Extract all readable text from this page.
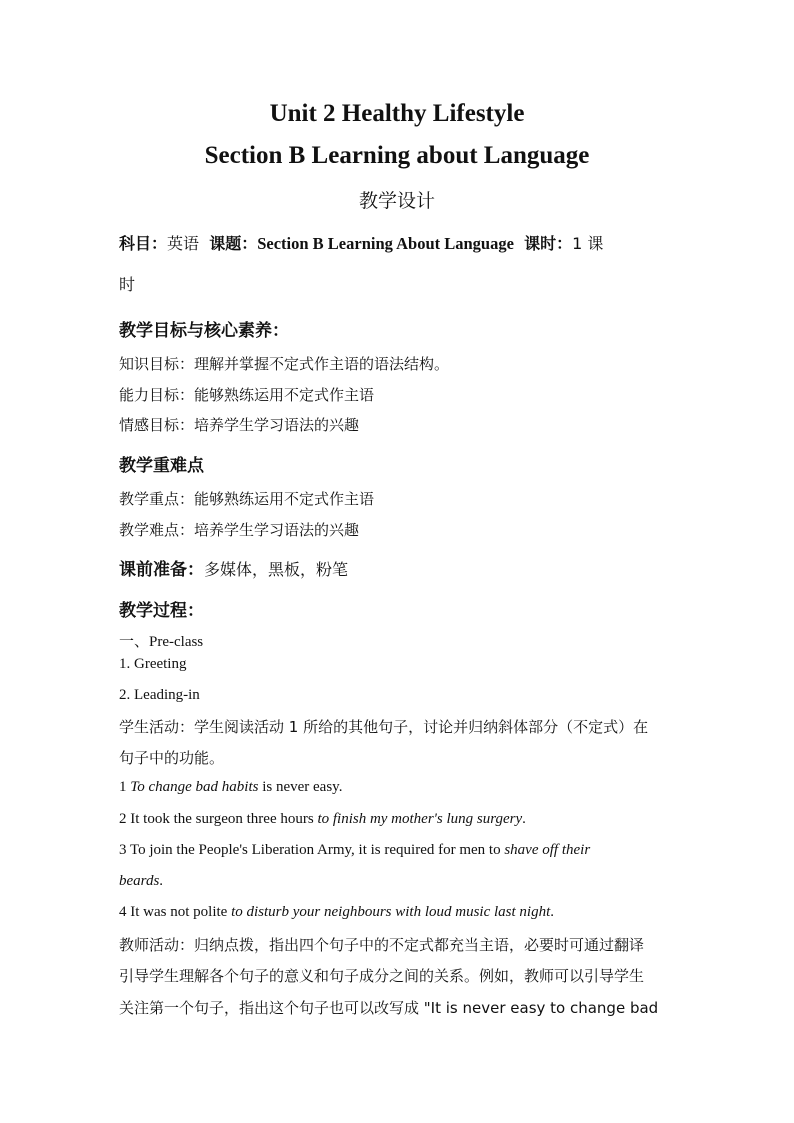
Unit 2 Healthy Lifestyle
Section B Learning about Language
教学设计
科目：英语 课题：Section B Learning About Language 课时：1 课
时
教学目标与核心素养：
知识目标：理解并掌握不定式作主语的语法结构。
能力目标：能够熟练运用不定式作主语
情感目标：培养学生学习语法的兴趣
教学重难点
教学重点：能够熟练运用不定式作主语
教学难点：培养学生学习语法的兴趣
课前准备：多媒体，黑板，粉笔
教学过程：
一、Pre-class
1. Greeting
2. Leading-in
学生活动：学生阅读活动 1 所给的其他句子，讨论并归纳斜体部分（不定式）在
句子中的功能。
1 To change bad habits is never easy.
2 It took the surgeon three hours to finish my mother's lung surgery.
3 To join the People's Liberation Army, it is required for men to shave off their
beards.
4 It was not polite to disturb your neighbours with loud music last night.
教师活动：归纳点拨，指出四个句子中的不定式都充当主语，必要时可通过翻译
引导学生理解各个句子的意义和句子成分之间的关系。例如，教师可以引导学生
关注第一个句子，指出这个句子也可以改写成 "It is never easy to change bad
